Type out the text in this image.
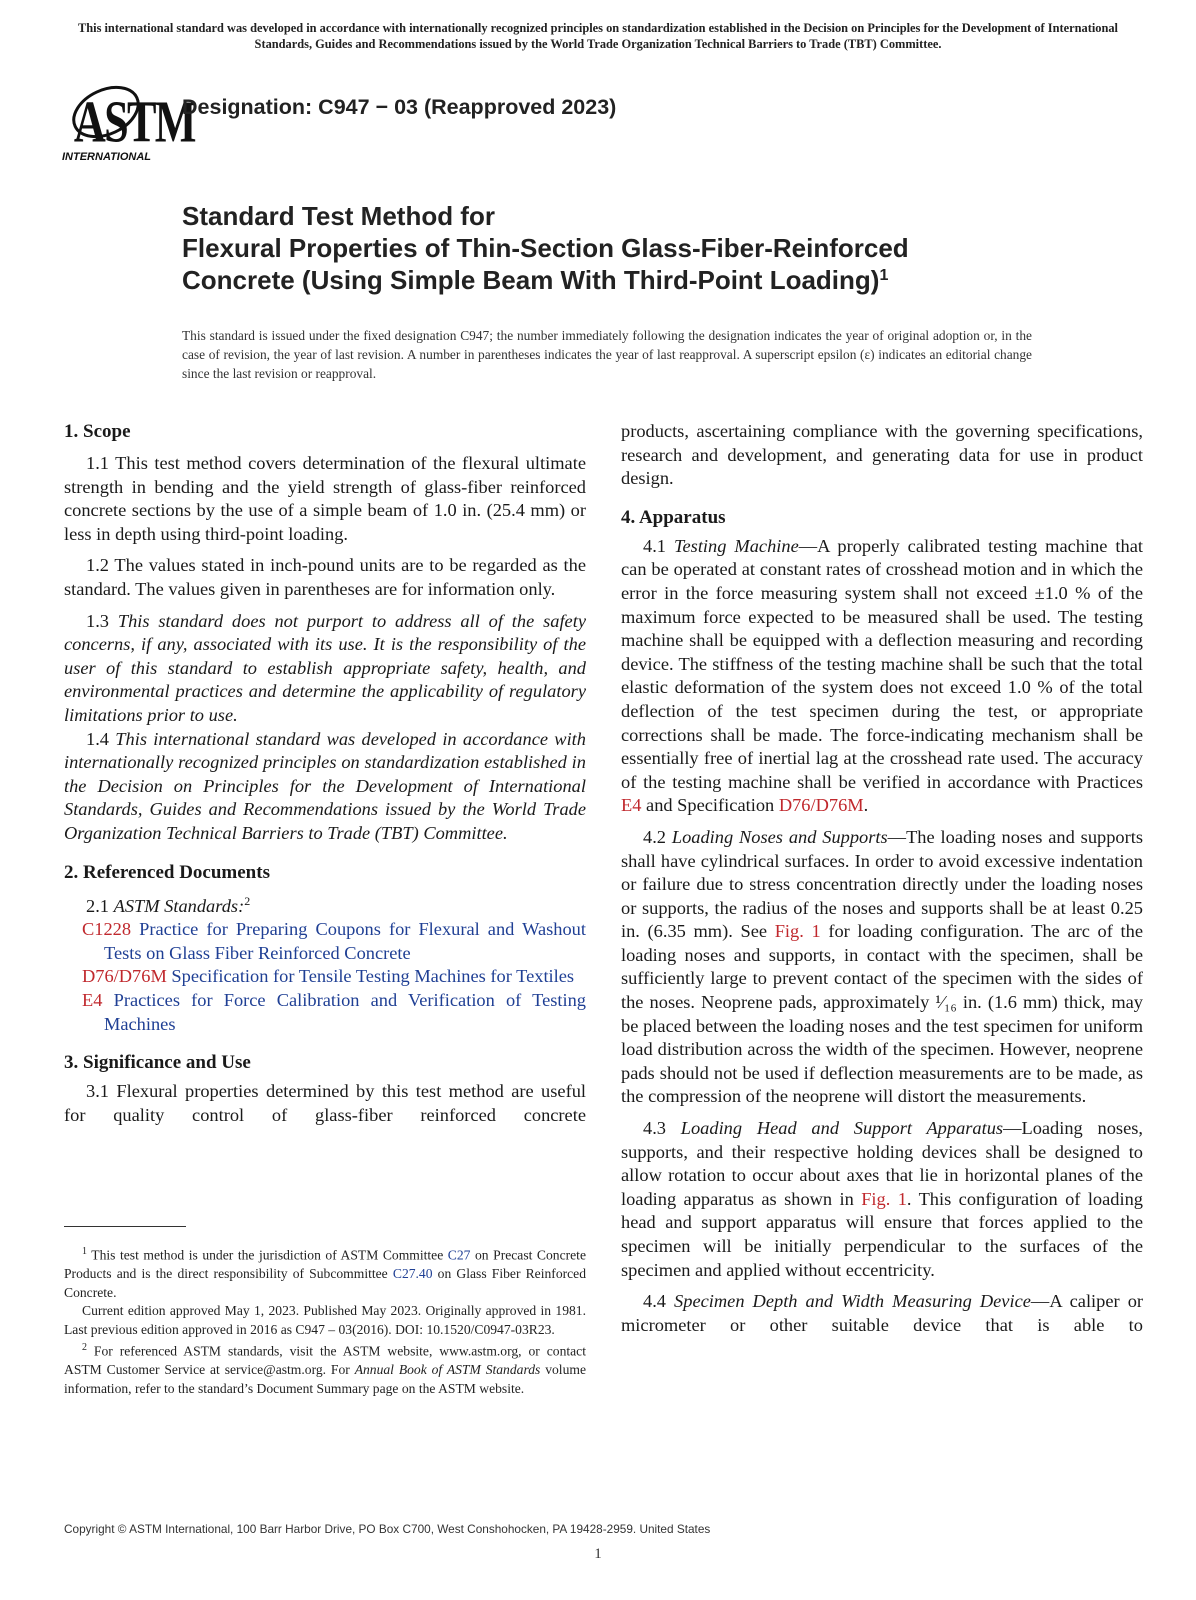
This international standard was developed in accordance with internationally recognized principles on standardization established in the Decision on Principles for the Development of International Standards, Guides and Recommendations issued by the World Trade Organization Technical Barriers to Trade (TBT) Committee.
ASTM
INTERNATIONAL
Designation: C947 − 03 (Reapproved 2023)
Standard Test Method for
Flexural Properties of Thin-Section Glass-Fiber-Reinforced
Concrete (Using Simple Beam With Third-Point Loading)$^1$
This standard is issued under the fixed designation C947; the number immediately following the designation indicates the year of original adoption or, in the case of revision, the year of last revision. A number in parentheses indicates the year of last reapproval. A superscript epsilon (ε) indicates an editorial change since the last revision or reapproval.
1. Scope

1.1 This test method covers determination of the flexural ultimate strength in bending and the yield strength of glass-fiber reinforced concrete sections by the use of a simple beam of 1.0 in. (25.4 mm) or less in depth using third-point loading.

1.2 The values stated in inch-pound units are to be regarded as the standard. The values given in parentheses are for information only.

1.3 This standard does not purport to address all of the safety concerns, if any, associated with its use. It is the responsibility of the user of this standard to establish appropriate safety, health, and environmental practices and determine the applicability of regulatory limitations prior to use.

1.4 This international standard was developed in accordance with internationally recognized principles on standardization established in the Decision on Principles for the Development of International Standards, Guides and Recommendations issued by the World Trade Organization Technical Barriers to Trade (TBT) Committee.

2. Referenced Documents

2.1 ASTM Standards:$^2$

C1228 Practice for Preparing Coupons for Flexural and Washout Tests on Glass Fiber Reinforced Concrete

D76/D76M Specification for Tensile Testing Machines for Textiles

E4 Practices for Force Calibration and Verification of Testing Machines

3. Significance and Use

3.1 Flexural properties determined by this test method are useful for quality control of glass-fiber reinforced concrete

products, ascertaining compliance with the governing specifications, research and development, and generating data for use in product design.

4. Apparatus

4.1 Testing Machine—A properly calibrated testing machine that can be operated at constant rates of crosshead motion and in which the error in the force measuring system shall not exceed ±1.0 % of the maximum force expected to be measured shall be used. The testing machine shall be equipped with a deflection measuring and recording device. The stiffness of the testing machine shall be such that the total elastic deformation of the system does not exceed 1.0 % of the total deflection of the test specimen during the test, or appropriate corrections shall be made. The force-indicating mechanism shall be essentially free of inertial lag at the crosshead rate used. The accuracy of the testing machine shall be verified in accordance with Practices E4 and Specification D76/D76M.

4.2 Loading Noses and Supports—The loading noses and supports shall have cylindrical surfaces. In order to avoid excessive indentation or failure due to stress concentration directly under the loading noses or supports, the radius of the noses and supports shall be at least 0.25 in. (6.35 mm). See Fig. 1 for loading configuration. The arc of the loading noses and supports, in contact with the specimen, shall be sufficiently large to prevent contact of the specimen with the sides of the noses. Neoprene pads, approximately ¹⁄₁₆ in. (1.6 mm) thick, may be placed between the loading noses and the test specimen for uniform load distribution across the width of the specimen. However, neoprene pads should not be used if deflection measurements are to be made, as the compression of the neoprene will distort the measurements.

4.3 Loading Head and Support Apparatus—Loading noses, supports, and their respective holding devices shall be designed to allow rotation to occur about axes that lie in horizontal planes of the loading apparatus as shown in Fig. 1. This configuration of loading head and support apparatus will ensure that forces applied to the specimen will be initially perpendicular to the surfaces of the specimen and applied without eccentricity.

4.4 Specimen Depth and Width Measuring Device—A caliper or micrometer or other suitable device that is able to

$^1$ This test method is under the jurisdiction of ASTM Committee C27 on Precast Concrete Products and is the direct responsibility of Subcommittee C27.40 on Glass Fiber Reinforced Concrete.

Current edition approved May 1, 2023. Published May 2023. Originally approved in 1981. Last previous edition approved in 2016 as C947 – 03(2016). DOI: 10.1520/C0947-03R23.

$^2$ For referenced ASTM standards, visit the ASTM website, www.astm.org, or contact ASTM Customer Service at service@astm.org. For Annual Book of ASTM Standards volume information, refer to the standard’s Document Summary page on the ASTM website.

Copyright © ASTM International, 100 Barr Harbor Drive, PO Box C700, West Conshohocken, PA 19428-2959. United States
1
